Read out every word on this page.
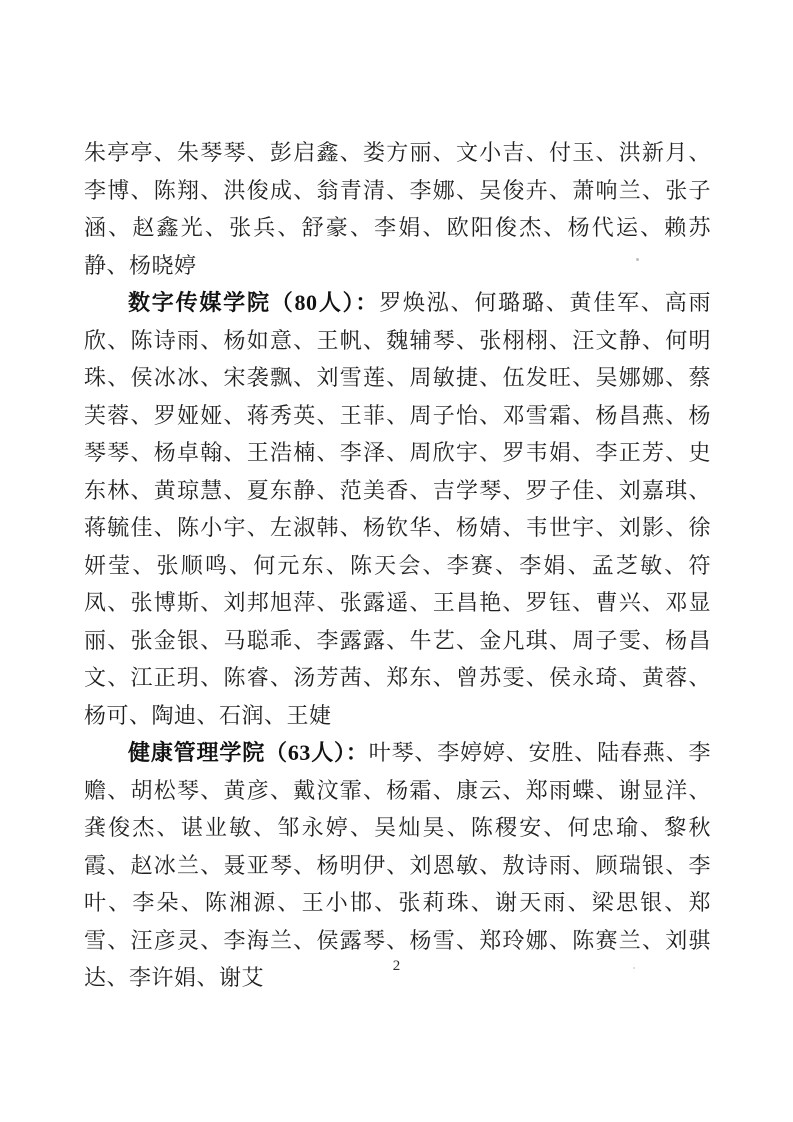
朱亭亭、朱琴琴、彭启鑫、娄方丽、文小吉、付玉、洪新月、李博、陈翔、洪俊成、翁青清、李娜、吴俊卉、萧响兰、张子涵、赵鑫光、张兵、舒豪、李娟、欧阳俊杰、杨代运、赖苏静、杨晓婷

数字传媒学院（80人）：罗焕泓、何璐璐、黄佳军、高雨欣、陈诗雨、杨如意、王帆、魏辅琴、张栩栩、汪文静、何明珠、侯冰冰、宋袭飘、刘雪莲、周敏捷、伍发旺、吴娜娜、蔡芙蓉、罗娅娅、蒋秀英、王菲、周子怡、邓雪霜、杨昌燕、杨琴琴、杨卓翰、王浩楠、李泽、周欣宇、罗韦娟、李正芳、史东林、黄琼慧、夏东静、范美香、吉学琴、罗子佳、刘嘉琪、蒋毓佳、陈小宇、左淑韩、杨钦华、杨婧、韦世宇、刘影、徐妍莹、张顺鸣、何元东、陈天会、李赛、李娟、孟芝敏、符凤、张博斯、刘邦旭萍、张露遥、王昌艳、罗钰、曹兴、邓显丽、张金银、马聪乖、李露露、牛艺、金凡琪、周子雯、杨昌文、江正玥、陈睿、汤芳茜、郑东、曾苏雯、侯永琦、黄蓉、杨可、陶迪、石润、王婕

健康管理学院（63人）：叶琴、李婷婷、安胜、陆春燕、李赡、胡松琴、黄彦、戴汶霏、杨霜、康云、郑雨蝶、谢显洋、龚俊杰、谌业敏、邹永婷、吴灿昊、陈稷安、何忠瑜、黎秋霞、赵冰兰、聂亚琴、杨明伊、刘恩敏、敖诗雨、顾瑞银、李叶、李朵、陈湘源、王小邯、张莉珠、谢天雨、梁思银、郑雪、汪彦灵、李海兰、侯露琴、杨雪、郑玲娜、陈赛兰、刘骐达、李许娟、谢艾	2
